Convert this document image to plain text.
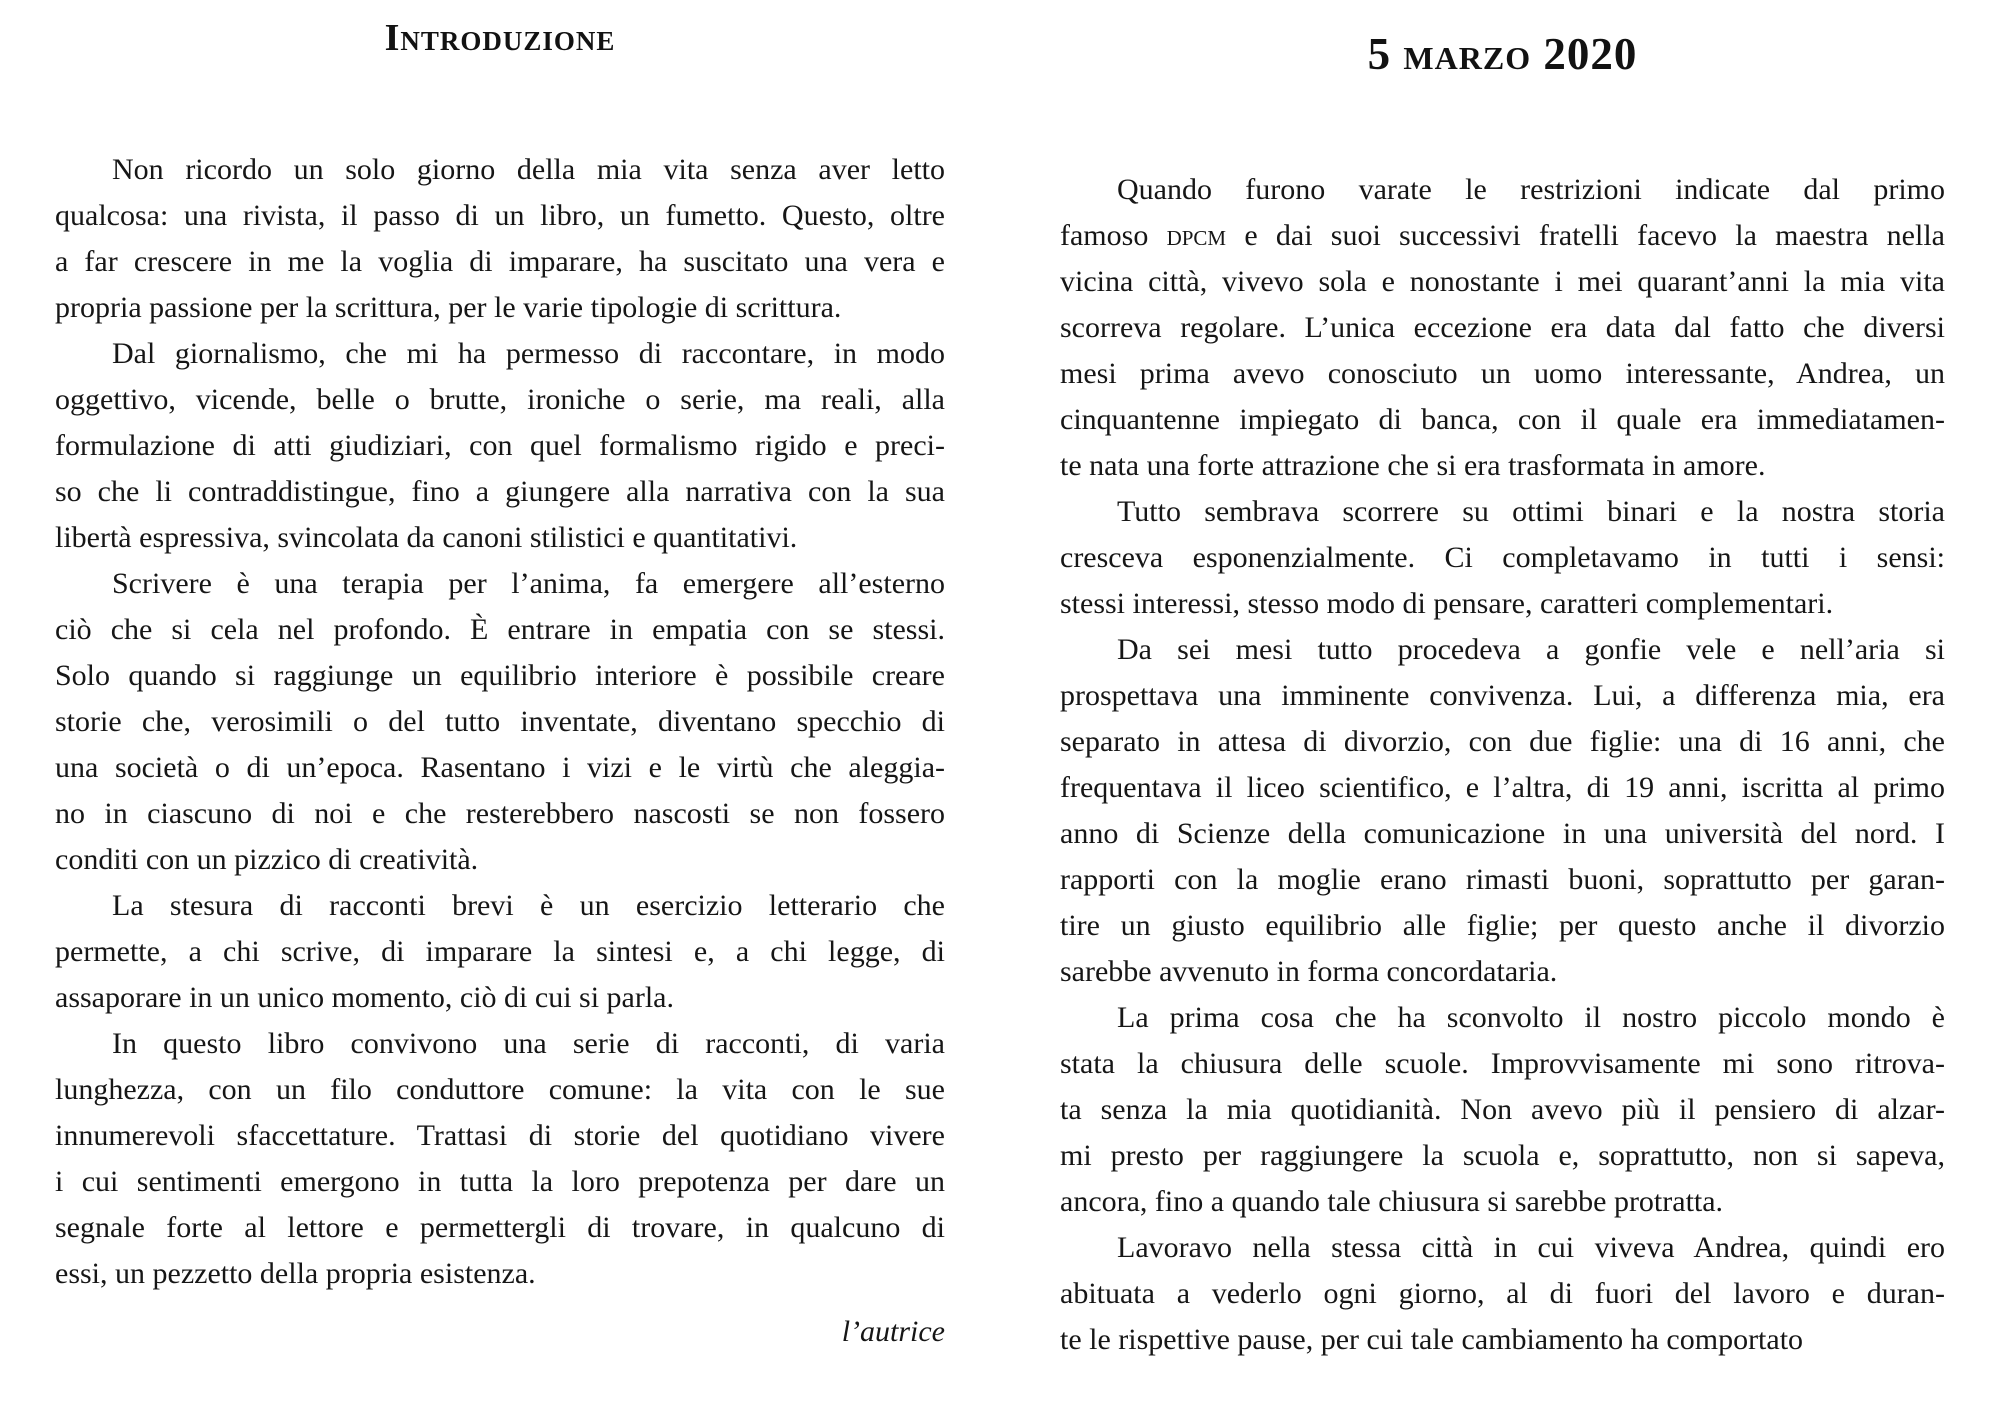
Introduzione
Non ricordo un solo giorno della mia vita senza aver letto
qualcosa: una rivista, il passo di un libro, un fumetto. Questo, oltre
a far crescere in me la voglia di imparare, ha suscitato una vera e
propria passione per la scrittura, per le varie tipologie di scrittura.
Dal giornalismo, che mi ha permesso di raccontare, in modo
oggettivo, vicende, belle o brutte, ironiche o serie, ma reali, alla
formulazione di atti giudiziari, con quel formalismo rigido e preci-
so che li contraddistingue, fino a giungere alla narrativa con la sua
libertà espressiva, svincolata da canoni stilistici e quantitativi.
Scrivere è una terapia per l’anima, fa emergere all’esterno
ciò che si cela nel profondo. È entrare in empatia con se stessi.
Solo quando si raggiunge un equilibrio interiore è possibile creare
storie che, verosimili o del tutto inventate, diventano specchio di
una società o di un’epoca. Rasentano i vizi e le virtù che aleggia-
no in ciascuno di noi e che resterebbero nascosti se non fossero
conditi con un pizzico di creatività.
La stesura di racconti brevi è un esercizio letterario che
permette, a chi scrive, di imparare la sintesi e, a chi legge, di
assaporare in un unico momento, ciò di cui si parla.
In questo libro convivono una serie di racconti, di varia
lunghezza, con un filo conduttore comune: la vita con le sue
innumerevoli sfaccettature. Trattasi di storie del quotidiano vivere
i cui sentimenti emergono in tutta la loro prepotenza per dare un
segnale forte al lettore e permettergli di trovare, in qualcuno di
essi, un pezzetto della propria esistenza.
l’autrice
5 marzo 2020
Quando furono varate le restrizioni indicate dal primo
famoso dpcm e dai suoi successivi fratelli facevo la maestra nella
vicina città, vivevo sola e nonostante i mei quarant’anni la mia vita
scorreva regolare. L’unica eccezione era data dal fatto che diversi
mesi prima avevo conosciuto un uomo interessante, Andrea, un
cinquantenne impiegato di banca, con il quale era immediatamen-
te nata una forte attrazione che si era trasformata in amore.
Tutto sembrava scorrere su ottimi binari e la nostra storia
cresceva esponenzialmente. Ci completavamo in tutti i sensi:
stessi interessi, stesso modo di pensare, caratteri complementari.
Da sei mesi tutto procedeva a gonfie vele e nell’aria si
prospettava una imminente convivenza. Lui, a differenza mia, era
separato in attesa di divorzio, con due figlie: una di 16 anni, che
frequentava il liceo scientifico, e l’altra, di 19 anni, iscritta al primo
anno di Scienze della comunicazione in una università del nord. I
rapporti con la moglie erano rimasti buoni, soprattutto per garan-
tire un giusto equilibrio alle figlie; per questo anche il divorzio
sarebbe avvenuto in forma concordataria.
La prima cosa che ha sconvolto il nostro piccolo mondo è
stata la chiusura delle scuole. Improvvisamente mi sono ritrova-
ta senza la mia quotidianità. Non avevo più il pensiero di alzar-
mi presto per raggiungere la scuola e, soprattutto, non si sapeva,
ancora, fino a quando tale chiusura si sarebbe protratta.
Lavoravo nella stessa città in cui viveva Andrea, quindi ero
abituata a vederlo ogni giorno, al di fuori del lavoro e duran-
te le rispettive pause, per cui tale cambiamento ha comportato
